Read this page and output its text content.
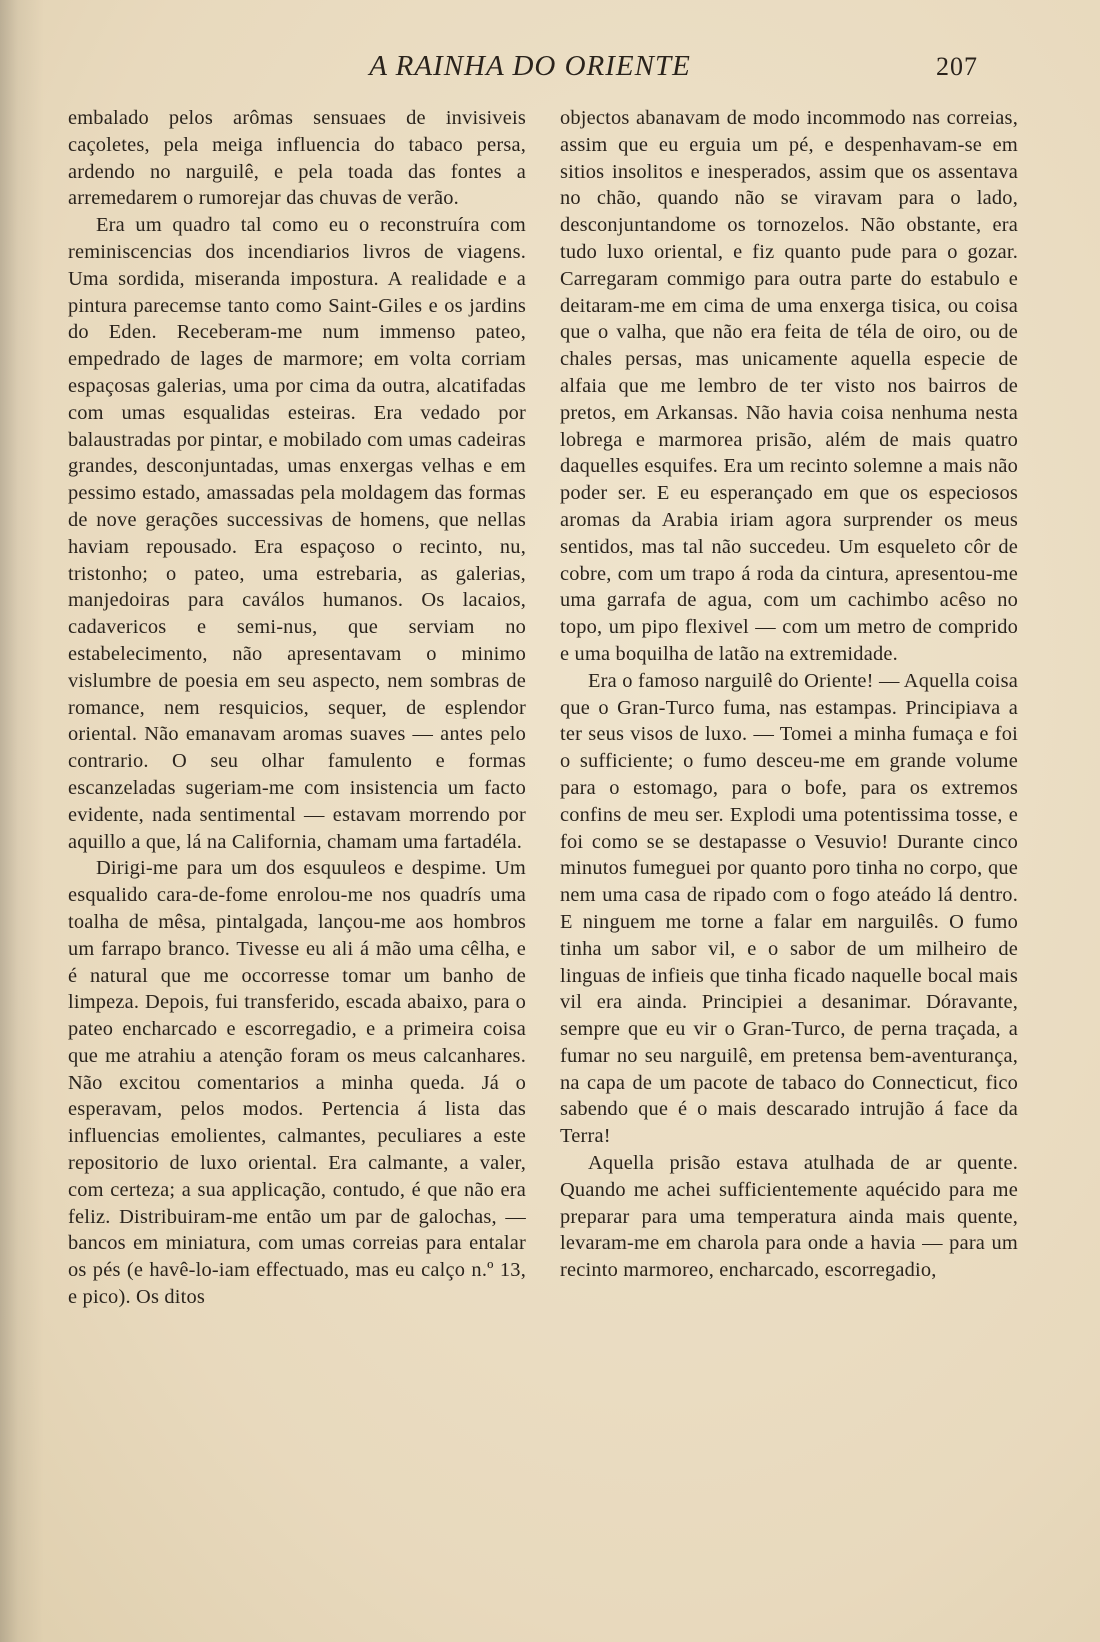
A RAINHA DO ORIENTE	207

embalado pelos arômas sensuaes de invisiveis caçoletes, pela meiga influencia do tabaco persa, ardendo no narguilê, e pela toada das fontes a arremedarem o rumorejar das chuvas de verão.

Era um quadro tal como eu o reconstruíra com reminiscencias dos incendiarios livros de viagens. Uma sordida, miseranda impostura. A realidade e a pintura parecemse tanto como Saint-Giles e os jardins do Eden. Receberam-me num immenso pateo, empedrado de lages de marmore; em volta corriam espaçosas galerias, uma por cima da outra, alcatifadas com umas esqualidas esteiras. Era vedado por balaustradas por pintar, e mobilado com umas cadeiras grandes, desconjuntadas, umas enxergas velhas e em pessimo estado, amassadas pela moldagem das formas de nove gerações successivas de homens, que nellas haviam repousado. Era espaçoso o recinto, nu, tristonho; o pateo, uma estrebaria, as galerias, manjedoiras para caválos humanos. Os lacaios, cadavericos e semi-nus, que serviam no estabelecimento, não apresentavam o minimo vislumbre de poesia em seu aspecto, nem sombras de romance, nem resquicios, sequer, de esplendor oriental. Não emanavam aromas suaves — antes pelo contrario. O seu olhar famulento e formas escanzeladas sugeriam-me com insistencia um facto evidente, nada sentimental — estavam morrendo por aquillo a que, lá na California, chamam uma fartadéla.

Dirigi-me para um dos esquuleos e despime. Um esqualido cara-de-fome enrolou-me nos quadrís uma toalha de mêsa, pintalgada, lançou-me aos hombros um farrapo branco. Tivesse eu ali á mão uma cêlha, e é natural que me occorresse tomar um banho de limpeza. Depois, fui transferido, escada abaixo, para o pateo encharcado e escorregadio, e a primeira coisa que me atrahiu a atenção foram os meus calcanhares. Não excitou comentarios a minha queda. Já o esperavam, pelos modos. Pertencia á lista das influencias emolientes, calmantes, peculiares a este repositorio de luxo oriental. Era calmante, a valer, com certeza; a sua applicação, contudo, é que não era feliz. Distribuiram-me então um par de galochas, — bancos em miniatura, com umas correias para entalar os pés (e havê-lo-iam effectuado, mas eu calço n.º 13, e pico). Os ditos

objectos abanavam de modo incommodo nas correias, assim que eu erguia um pé, e despenhavam-se em sitios insolitos e inesperados, assim que os assentava no chão, quando não se viravam para o lado, desconjuntandome os tornozelos. Não obstante, era tudo luxo oriental, e fiz quanto pude para o gozar. Carregaram commigo para outra parte do estabulo e deitaram-me em cima de uma enxerga tisica, ou coisa que o valha, que não era feita de téla de oiro, ou de chales persas, mas unicamente aquella especie de alfaia que me lembro de ter visto nos bairros de pretos, em Arkansas. Não havia coisa nenhuma nesta lobrega e marmorea prisão, além de mais quatro daquelles esquifes. Era um recinto solemne a mais não poder ser. E eu esperançado em que os especiosos aromas da Arabia iriam agora surprender os meus sentidos, mas tal não succedeu. Um esqueleto côr de cobre, com um trapo á roda da cintura, apresentou-me uma garrafa de agua, com um cachimbo acêso no topo, um pipo flexivel — com um metro de comprido e uma boquilha de latão na extremidade.

Era o famoso narguilê do Oriente! — Aquella coisa que o Gran-Turco fuma, nas estampas. Principiava a ter seus visos de luxo. — Tomei a minha fumaça e foi o sufficiente; o fumo desceu-me em grande volume para o estomago, para o bofe, para os extremos confins de meu ser. Explodi uma potentissima tosse, e foi como se se destapasse o Vesuvio! Durante cinco minutos fumeguei por quanto poro tinha no corpo, que nem uma casa de ripado com o fogo ateádo lá dentro. E ninguem me torne a falar em narguilês. O fumo tinha um sabor vil, e o sabor de um milheiro de linguas de infieis que tinha ficado naquelle bocal mais vil era ainda. Principiei a desanimar. Dóravante, sempre que eu vir o Gran-Turco, de perna traçada, a fumar no seu narguilê, em pretensa bem-aventurança, na capa de um pacote de tabaco do Connecticut, fico sabendo que é o mais descarado intrujão á face da Terra!

Aquella prisão estava atulhada de ar quente. Quando me achei sufficientemente aquécido para me preparar para uma temperatura ainda mais quente, levaram-me em charola para onde a havia — para um recinto marmoreo, encharcado, escorregadio,
